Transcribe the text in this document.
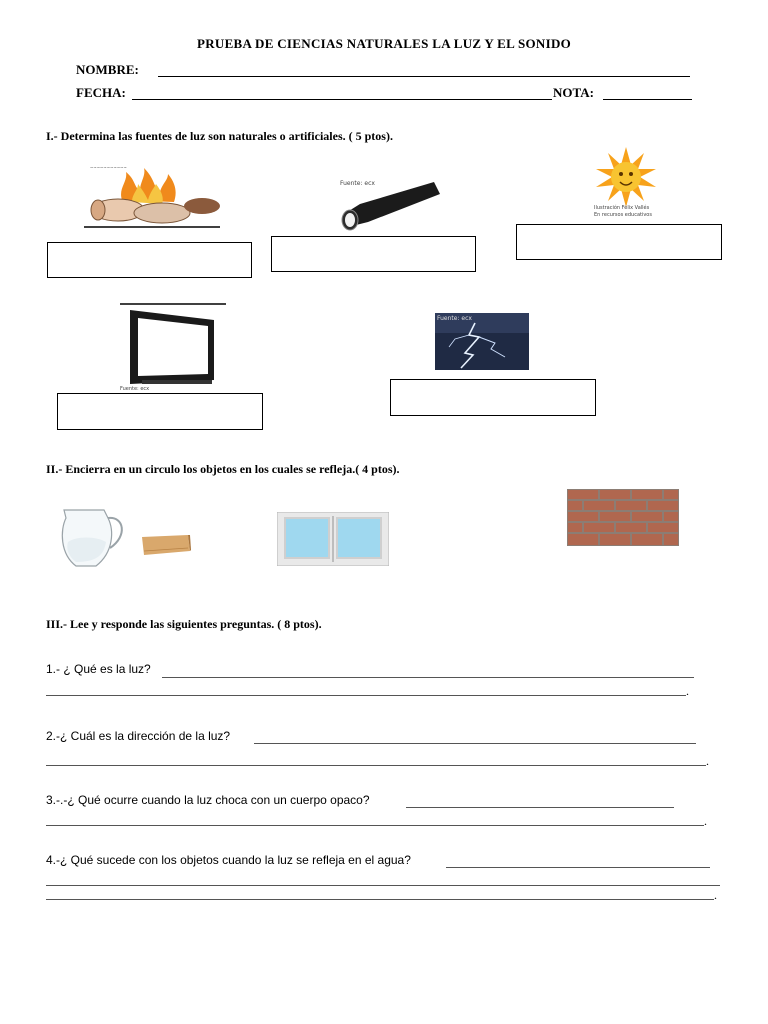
PRUEBA DE CIENCIAS NATURALES LA LUZ Y EL SONIDO
NOMBRE:
FECHA:	NOTA:
I.- Determina las fuentes de luz son naturales o artificiales. ( 5 ptos).
~~~~~~~~~~~
Fuente: ecx
Ilustración Félix Vallés
En recursos educativos
Fuente: ecx
Fuente: ecx
II.- Encierra en un circulo los objetos en los cuales se refleja.( 4 ptos).
III.- Lee y responde las siguientes preguntas. ( 8 ptos).
1.- ¿ Qué es la luz?
.
2.-¿ Cuál es la dirección de la luz?
.
3.-.-¿ Qué ocurre cuando la luz choca con un cuerpo opaco?
.
4.-¿ Qué sucede con los objetos cuando la luz se refleja en el agua?
.
